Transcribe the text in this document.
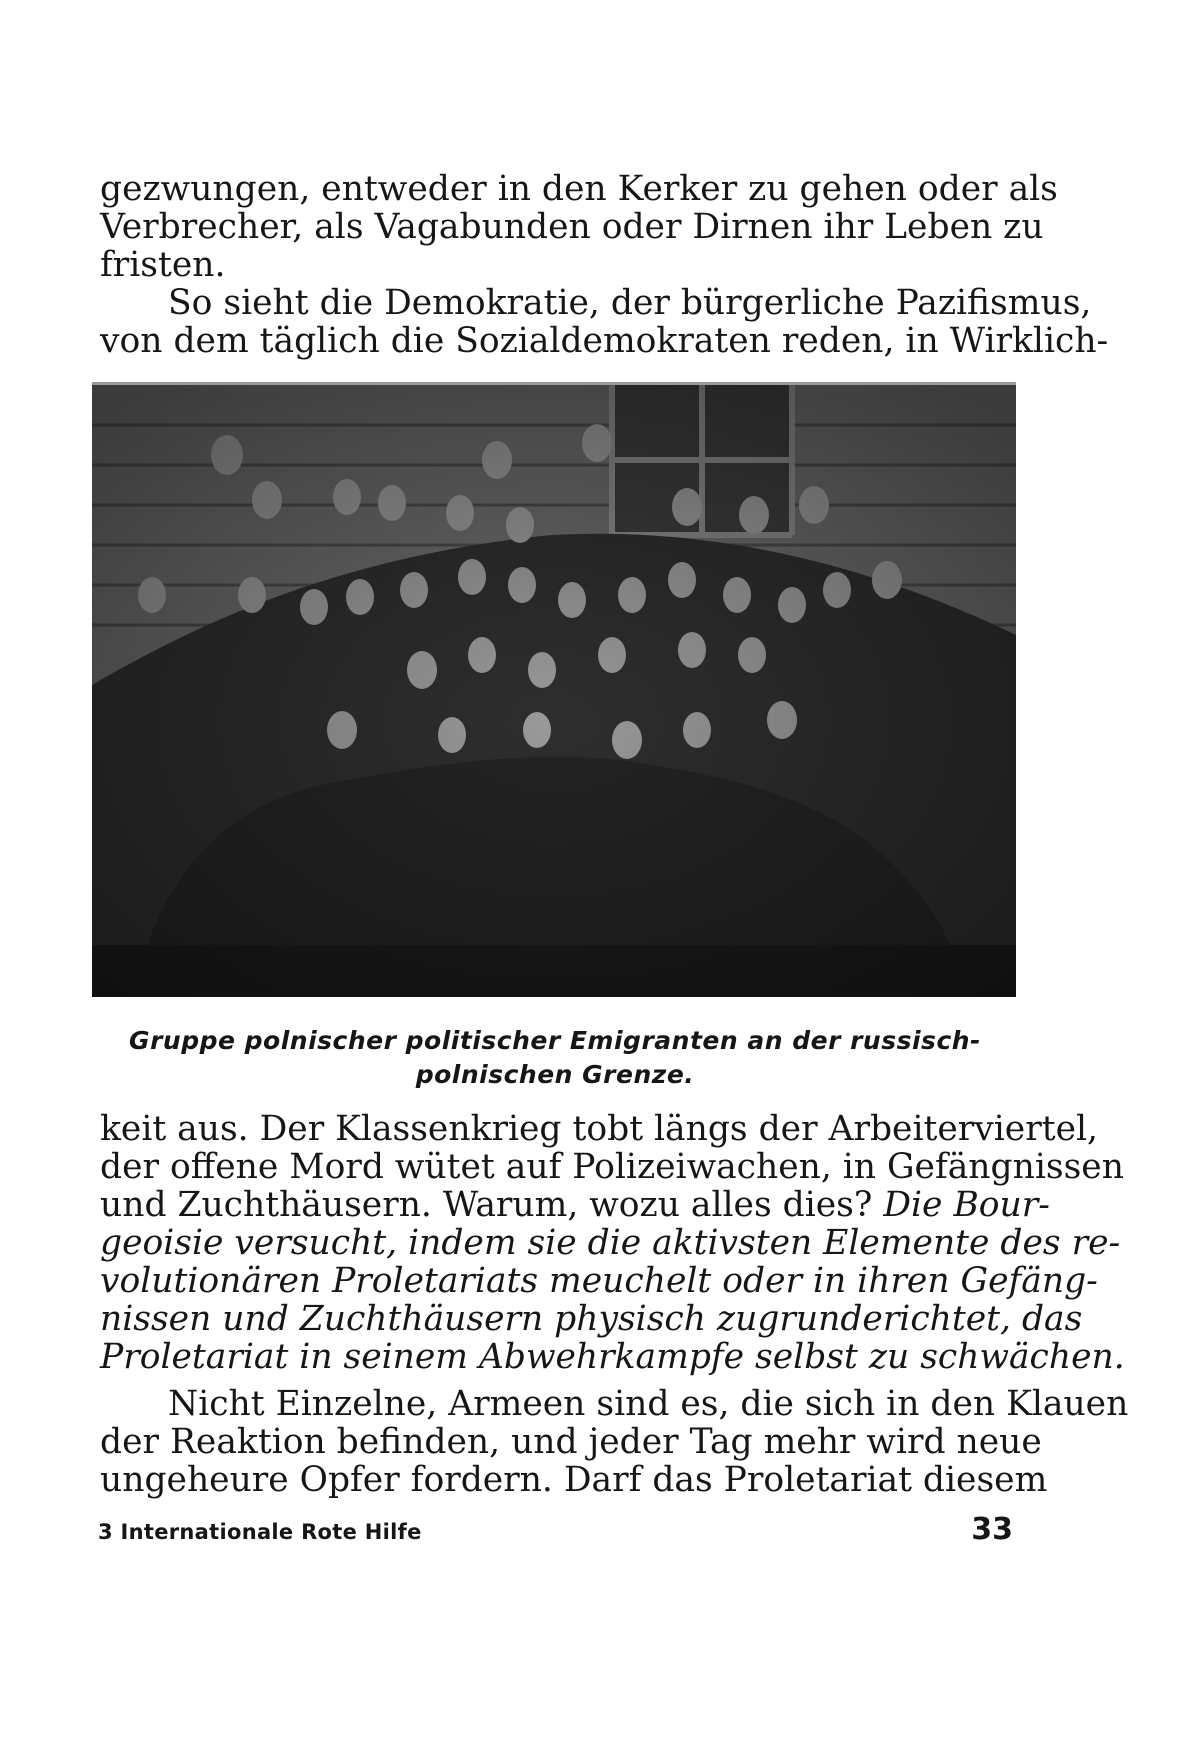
gezwungen, entweder in den Kerker zu gehen oder als
Verbrecher, als Vagabunden oder Dirnen ihr Leben zu
fristen.
So sieht die Demokratie, der bürgerliche Pazifismus,
von dem täglich die Sozialdemokraten reden, in Wirklich-
Gruppe polnischer politischer Emigranten an der russisch-
polnischen Grenze.
keit aus. Der Klassenkrieg tobt längs der Arbeiterviertel,
der offene Mord wütet auf Polizeiwachen, in Gefängnissen
und Zuchthäusern. Warum, wozu alles dies? Die Bour-
geoisie versucht, indem sie die aktivsten Elemente des re-
volutionären Proletariats meuchelt oder in ihren Gefäng-
nissen und Zuchthäusern physisch zugrunderichtet, das
Proletariat in seinem Abwehrkampfe selbst zu schwächen.
Nicht Einzelne, Armeen sind es, die sich in den Klauen
der Reaktion befinden, und jeder Tag mehr wird neue
ungeheure Opfer fordern. Darf das Proletariat diesem
3 Internationale Rote Hilfe	33
